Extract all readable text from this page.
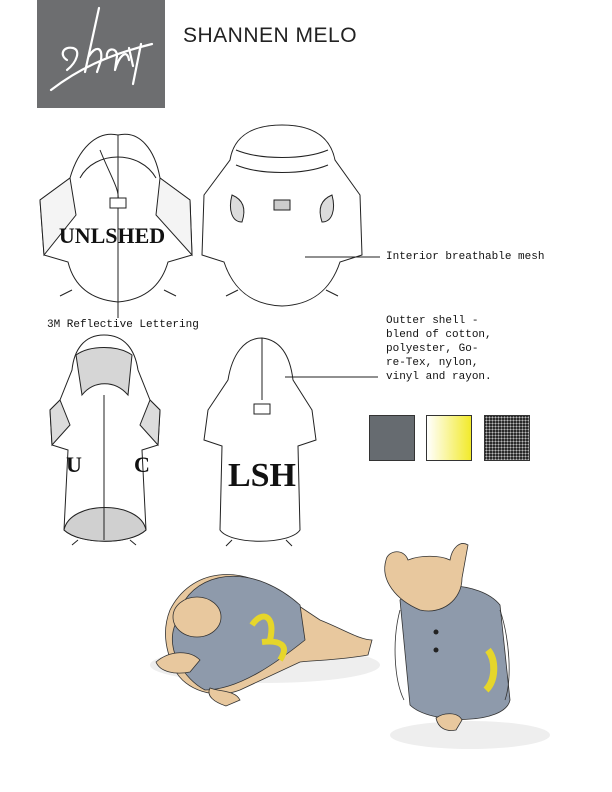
SHANNEN MELO
UNLSHED
LSH
U C
Interior breathable mesh
3M Reflective Lettering	Outter shell -
blend of cotton,
polyester, Go-
re-Tex, nylon,
vinyl and rayon.
